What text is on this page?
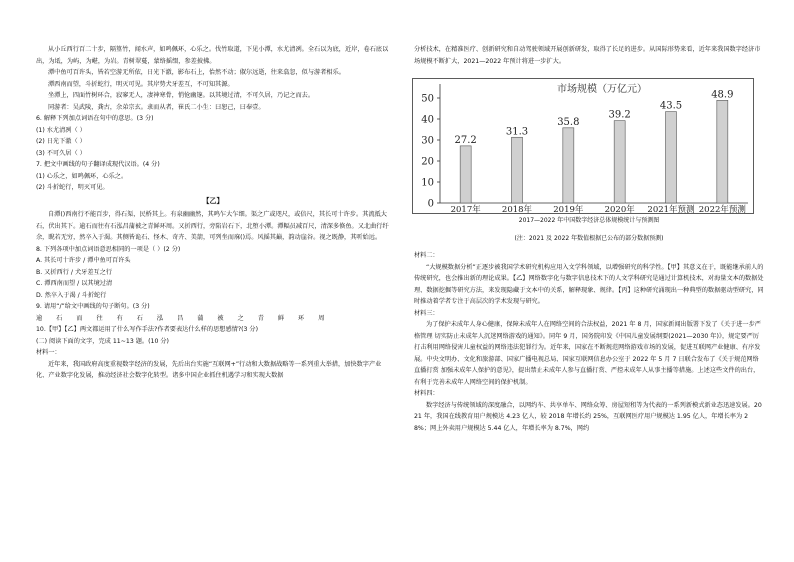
从小丘西行百二十步，隔篁竹，闻水声，如鸣佩环，心乐之。伐竹取道，下见小潭，水尤清冽。全石以为底，近岸，卷石底以出，为坻，为屿，为嵁，为岩。青树翠蔓，蒙络摇缀，参差披拂。

潭中鱼可百许头，皆若空游无所依，日光下澈，影布石上，佁然不动；俶尔远逝，往来翕忽，似与游者相乐。

潭西南而望，斗折蛇行，明灭可见。其岸势犬牙差互，不可知其源。

坐潭上，四面竹树环合，寂寥无人，凄神寒骨，悄怆幽邃。以其境过清，不可久居，乃记之而去。

同游者：吴武陵，龚古，余弟宗玄。隶而从者，崔氏二小生：曰恕己，曰奉壹。

6. 解释下列加点词语在句中的意思。(3 分)

(1) 水尤清冽（ ）

(2) 日光下澈（ ）

(3) 不可久居（ ）

7. 把文中画线的句子翻译成现代汉语。(4 分)

(1) 心乐之，如鸣佩环，心乐之。

(2) 斗折蛇行，明灭可见。

【乙】

自潭()西南行不能百步，得石渠，民桥其上。有泉幽幽然，其鸣乍大乍细。渠之广或咫尺，或倍尺，其长可十许步。其流抵大石，伏出其下。逾石而往有石泓昌蒲被之青鲜环周。又折西行，旁陷岩石下，北堕小潭。潭幅员减百尺，清深多倏鱼。又北曲行纡余，睨若无穷，然卒入于渴。其侧皆诡石、怪木、奇卉、美箭，可列坐而庥()焉。风摇其巅，韵动崖谷。视之既静，其听始远。

8. 下列各项中加点词语意思相同的一项是（ ）(2 分)

A. 其长可十许步 / 潭中鱼可百许头

B. 又折西行 / 犬牙差互之行

C. 潭西南而望 / 以其境过清

D. 然卒入于渴 / 斗折蛇行

9. 请用“/”给文中画线的句子断句。(3 分)

逾 石 而 往 有 石 泓 昌 蒲 被 之 青 鲜 环 周

10.【甲】【乙】两文都运用了什么写作手法?作者要表达什么样的思想感情?(3 分)

(二) 阅读下面的文字，完成 11~13 题。(10 分)

材料一：

近年来，我国政府高度重视数字经济的发展，先后出台实施“互联网+”行动和大数据战略等一系列重大举措，加快数字产业化、产业数字化发展，推动经济社会数字化转型。诸多中国企业抓住机遇学习和实现大数据

分析技术，在精准医疗、创新研究和自动驾驶领域开展创新研发，取得了长足的进步。从国际形势来看，近年来我国数字经济市场规模不断扩大，2021—2022 年预计将进一步扩大。

2017—2022 年中国数字经济总体规模统计与预测图

(注：2021 及 2022 年数值根据已公布的部分数据预测)

材料二：

“大规模数据分析”正逐步被我国学术研究机构应用入文学科领域，以增强研究的科学性。【甲】其意义在于，既能继承前人的传统研究，也会推出新的理论成果。【乙】网络数字化与数字信息技术下的人文学科研究是通过计算机技术，对海量文本的数据处理、数据挖掘等研究方法，来发现隐藏于文本中的关系，解释现象、规律。【丙】这种研究涌现出一种典型的数据驱动型研究，同时推动着学者专注于高层次的学术发现与研究。

材料三：

为了保护未成年人身心健康，保障未成年人在网络空间的合法权益，2021 年 8 月，国家新闻出版署下发了《关于进一步严格管理 切实防止未成年人沉迷网络游戏的通知》。同年 9 月，国务院印发《中国儿童发展纲要(2021—2030 年)》，规定要严厉打击利用网络侵害儿童权益的网络违法犯罪行为。近年来，国家在不断规范网络游戏市场的发展，促进互联网产业健康、有序发展。中央文明办、文化和旅游部、国家广播电视总局、国家互联网信息办公室于 2022 年 5 月 7 日联合发布了《关于规范网络直播打赏 加强未成年人保护的意见》，提出禁止未成年人参与直播打赏、严控未成年人从事主播等措施。上述这些文件的出台，有利于完善未成年人网络空间的保护机制。

材料四：

数字经济与传统领域的深度融合，以网约车、共享单车、网络众筹、房屋短租等为代表的一系列新模式新业态迅速发展。2021 年，我国在线教育用户规模达 4.23 亿人，较 2018 年增长约 25%，互联网医疗用户规模达 1.95 亿人，年增长率为 28%；网上外卖用户规模达 5.44 亿人，年增长率为 8.7%，网约

市场规模（万亿元）
0
10
20
30
40
50
27.2
2017年
31.3
2018年
35.8
2019年
39.2
2020年
43.5
2021年预测
48.9
2022年预测
